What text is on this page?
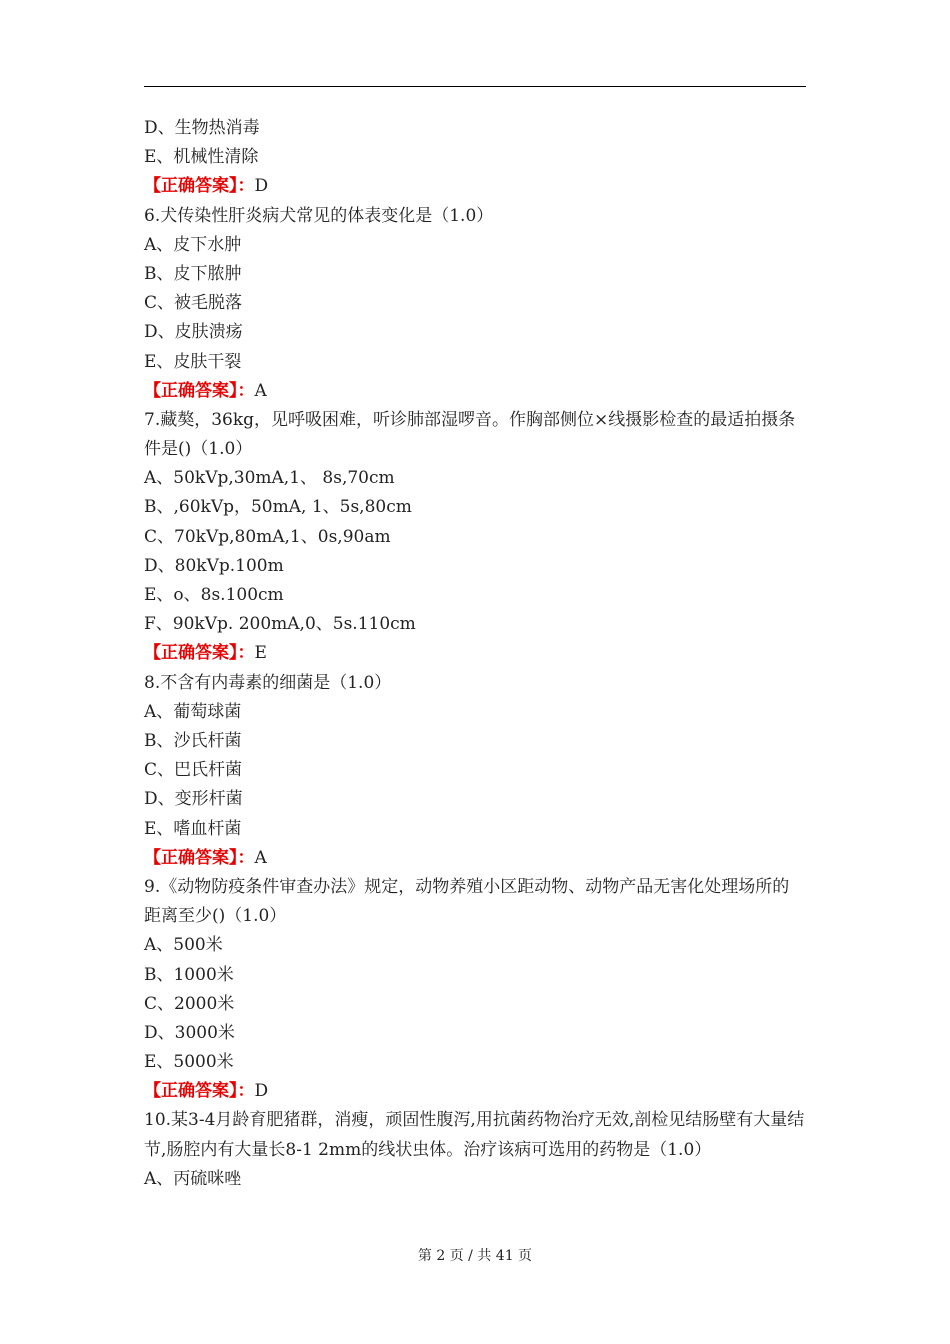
D、生物热消毒
E、机械性清除
【正确答案】：D
6.犬传染性肝炎病犬常见的体表变化是（1.0）
A、皮下水肿
B、皮下脓肿
C、被毛脱落
D、皮肤溃疡
E、皮肤干裂
【正确答案】：A
7.藏獒，36kg，见呼吸困难，听诊肺部湿啰音。作胸部侧位×线摄影检查的最适拍摄条件是()（1.0）
A、50kVp,30mA,1、 8s,70cm
B、,60kVp，50mA, 1、5s,80cm
C、70kVp,80mA,1、0s,90am
D、80kVp.100m
E、o、8s.100cm
F、90kVp. 200mA,0、5s.110cm
【正确答案】：E
8.不含有内毒素的细菌是（1.0）
A、葡萄球菌
B、沙氏杆菌
C、巴氏杆菌
D、变形杆菌
E、嗜血杆菌
【正确答案】：A
9.《动物防疫条件审查办法》规定，动物养殖小区距动物、动物产品无害化处理场所的距离至少()（1.0）
A、500米
B、1000米
C、2000米
D、3000米
E、5000米
【正确答案】：D
10.某3-4月龄育肥猪群，消瘦，顽固性腹泻,用抗菌药物治疗无效,剖检见结肠壁有大量结节,肠腔内有大量长8-1 2mm的线状虫体。治疗该病可选用的药物是（1.0）
A、丙硫咪唑
第 2 页 / 共 41 页
